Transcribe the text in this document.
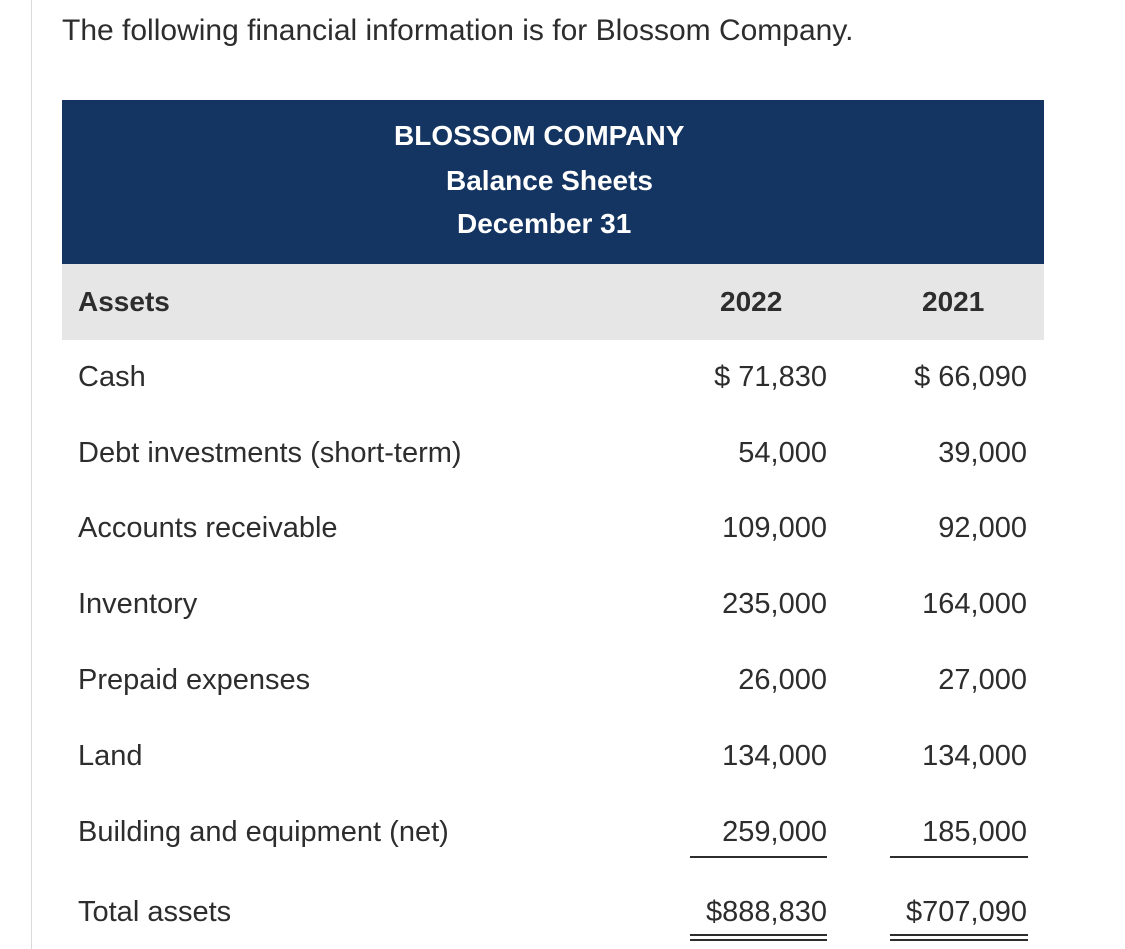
The following financial information is for Blossom Company.
BLOSSOM COMPANY
Balance Sheets
December 31
Assets	2022	2021
Cash	$ 71,830	$ 66,090
Debt investments (short-term)	54,000	39,000
Accounts receivable	109,000	92,000
Inventory	235,000	164,000
Prepaid expenses	26,000	27,000
Land	134,000	134,000
Building and equipment (net)	259,000	185,000
Total assets	$888,830	$707,090
